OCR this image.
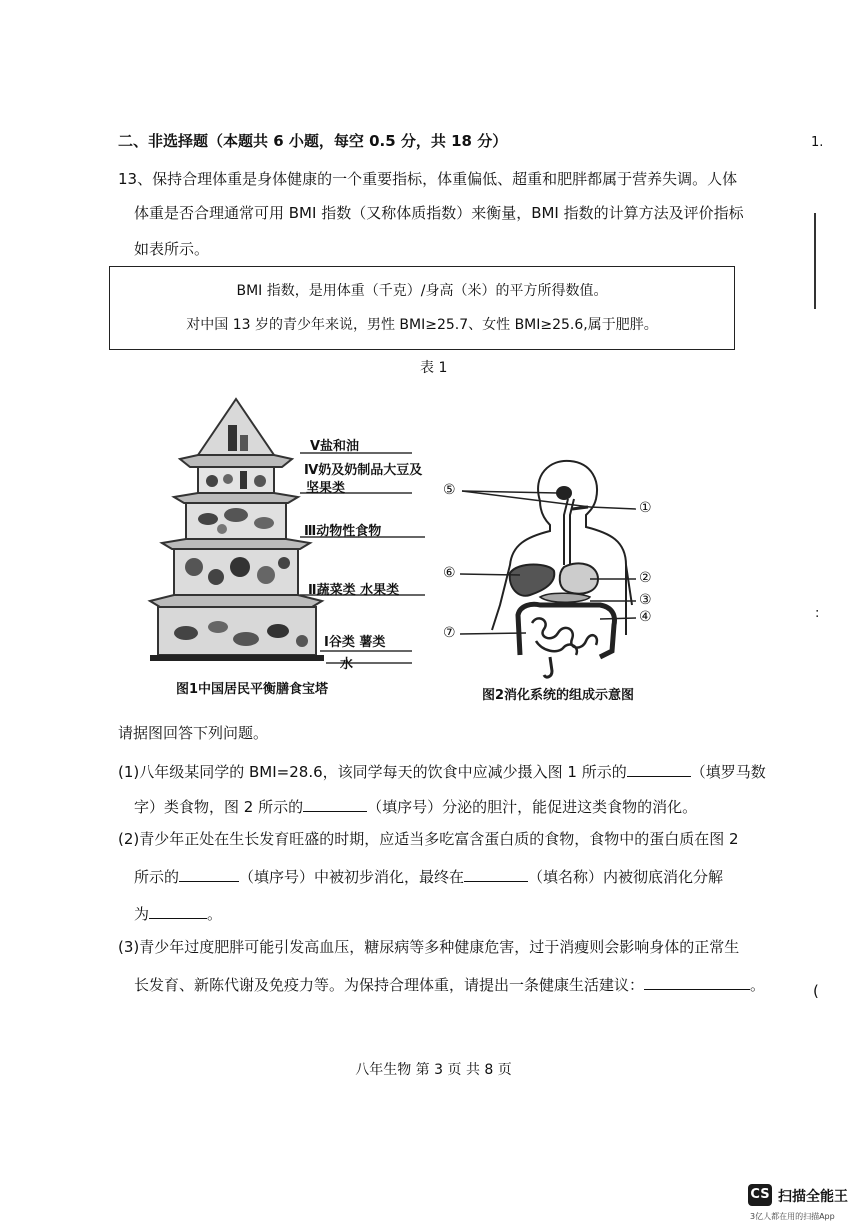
二、非选择题（本题共 6 小题，每空 0.5 分，共 18 分）
13、保持合理体重是身体健康的一个重要指标，体重偏低、超重和肥胖都属于营养失调。人体
体重是否合理通常可用 BMI 指数（又称体质指数）来衡量，BMI 指数的计算方法及评价指标
如表所示。
BMI 指数，是用体重（千克）/身高（米）的平方所得数值。
对中国 13 岁的青少年来说，男性 BMI≥25.7、女性 BMI≥25.6,属于肥胖。
表 1
Ⅴ盐和油
Ⅳ奶及奶制品大豆及
坚果类
Ⅲ动物性食物
Ⅱ蔬菜类 水果类
Ⅰ谷类 薯类
水
图1中国居民平衡膳食宝塔
⑤
①
⑥	②
③
④
⑦
图2消化系统的组成示意图
请据图回答下列问题。
(1)八年级某同学的 BMI=28.6，该同学每天的饮食中应减少摄入图 1 所示的	（填罗马数
字）类食物，图 2 所示的	（填序号）分泌的胆汁，能促进这类食物的消化。
(2)青少年正处在生长发育旺盛的时期，应适当多吃富含蛋白质的食物，食物中的蛋白质在图 2
所示的	（填序号）中被初步消化，最终在	（填名称）内被彻底消化分解
为	。
(3)青少年过度肥胖可能引发高血压，糖尿病等多种健康危害，过于消瘦则会影响身体的正常生
长发育、新陈代谢及免疫力等。为保持合理体重，请提出一条健康生活建议：	。
八年生物 第 3 页 共 8 页
1.
:
(
CS 扫描全能王
3亿人都在用的扫描App
